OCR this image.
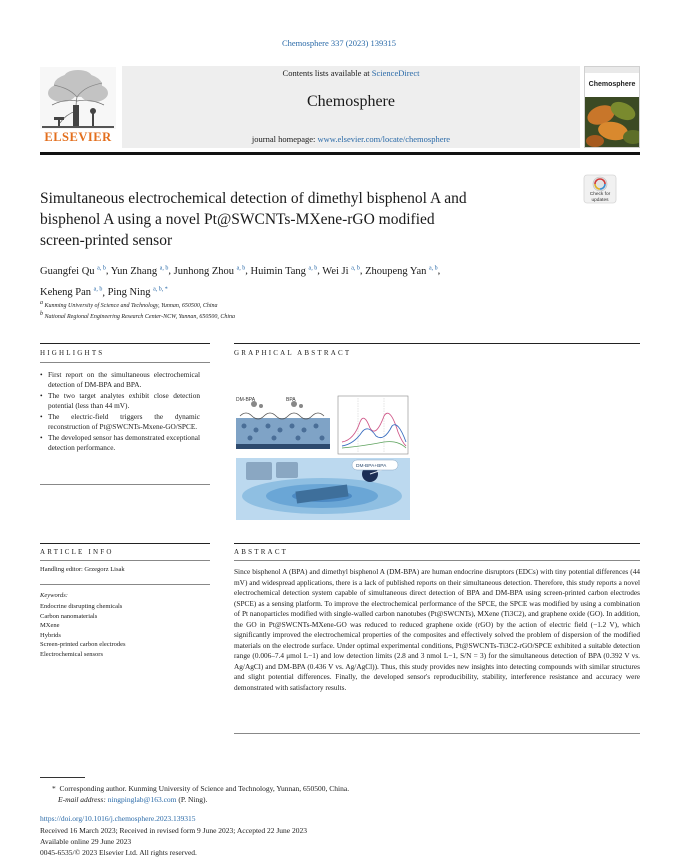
Chemosphere 337 (2023) 139315
ELSEVIER
Contents lists available at ScienceDirect
Chemosphere
journal homepage: www.elsevier.com/locate/chemosphere
Chemosphere
Simultaneous electrochemical detection of dimethyl bisphenol A and
bisphenol A using a novel Pt@SWCNTs-MXene-rGO modified
screen-printed sensor
Check for
updates
Guangfei Qu $^{a, b}$, Yun Zhang $^{a, b}$, Junhong Zhou $^{a, b}$, Huimin Tang $^{a, b}$, Wei Ji $^{a, b}$, Zhoupeng Yan $^{a, b}$,
Keheng Pan $^{a, b}$, Ping Ning $^{a, b, *}$
$^a$ Kunming University of Science and Technology, Yunnan, 650500, China
$^b$ National Regional Engineering Research Center-NCW, Yunnan, 650500, China
HIGHLIGHTS
• First report on the simultaneous electrochemical detection of DM-BPA and BPA.
• The two target analytes exhibit close detection potential (less than 44 mV).
• The electric-field triggers the dynamic reconstruction of Pt@SWCNTs-Mxene-GO/SPCE.
• The developed sensor has demonstrated exceptional detection performance.
GRAPHICAL ABSTRACT
DM-BPA	BPA
DM-BPA+BPA
ARTICLE INFO
Handling editor: Grzegorz Lisak
Keywords:
Endocrine disrupting chemicals
Carbon nanomaterials
MXene
Hybrids
Screen-printed carbon electrodes
Electrochemical sensors
ABSTRACT
Since bisphenol A (BPA) and dimethyl bisphenol A (DM-BPA) are human endocrine disruptors (EDCs) with tiny potential differences (44 mV) and widespread applications, there is a lack of published reports on their simultaneous detection. Therefore, this study reports a novel electrochemical detection system capable of simultaneous direct detection of BPA and DM-BPA using screen-printed carbon electrodes (SPCE) as a sensing platform. To improve the electrochemical performance of the SPCE, the SPCE was modified by using a combination of Pt nanoparticles modified with single-walled carbon nanotubes (Pt@SWCNTs), MXene (Ti3C2), and graphene oxide (GO). In addition, the GO in Pt@SWCNTs-MXene-GO was reduced to reduced graphene oxide (rGO) by the action of electric field (−1.2 V), which significantly improved the electrochemical properties of the composites and effectively solved the problem of dispersion of the modified materials on the electrode surface. Under optimal experimental conditions, Pt@SWCNTs-Ti3C2-rGO/SPCE exhibited a suitable detection range (0.006–7.4 μmol L−1) and low detection limits (2.8 and 3 nmol L−1, S/N = 3) for the simultaneous detection of BPA (0.392 V vs. Ag/AgCl) and DM-BPA (0.436 V vs. Ag/AgCl)). Thus, this study provides new insights into detecting compounds with similar structures and slight potential differences. Finally, the developed sensor's reproducibility, stability, interference resistance and accuracy were demonstrated with satisfactory results.
* Corresponding author. Kunming University of Science and Technology, Yunnan, 650500, China.
E-mail address: ningpinglab@163.com (P. Ning).
https://doi.org/10.1016/j.chemosphere.2023.139315
Received 16 March 2023; Received in revised form 9 June 2023; Accepted 22 June 2023
Available online 29 June 2023
0045-6535/© 2023 Elsevier Ltd. All rights reserved.
